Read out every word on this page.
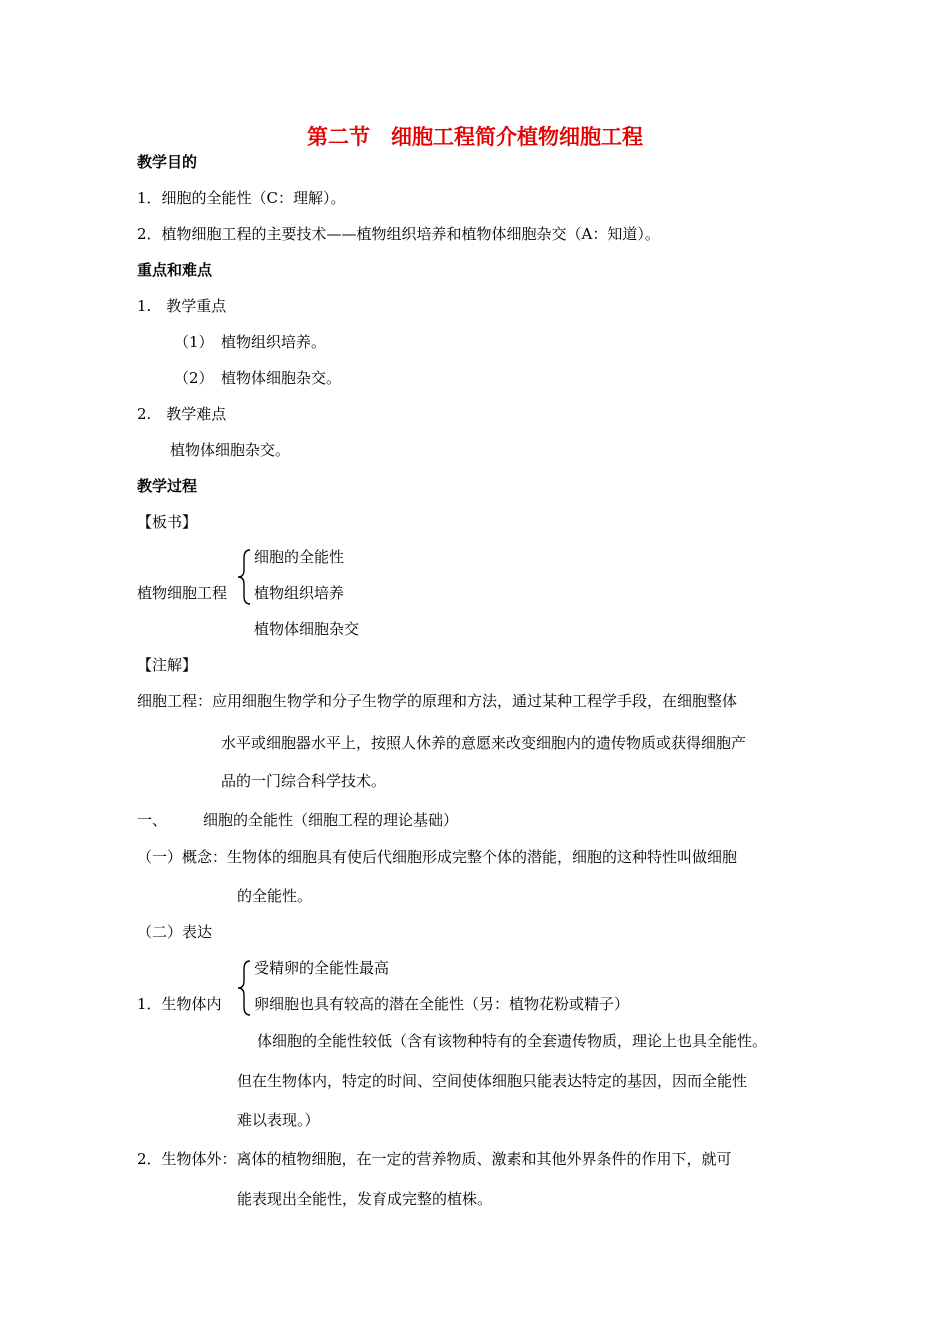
第二节　细胞工程简介植物细胞工程
教学目的
1．细胞的全能性（C：理解）。
2．植物细胞工程的主要技术——植物组织培养和植物体细胞杂交（A：知道）。
重点和难点
1.　教学重点
（1）　植物组织培养。
（2）　植物体细胞杂交。
2.　教学难点
植物体细胞杂交。
教学过程
【板书】
植物细胞工程
细胞的全能性
植物组织培养
植物体细胞杂交
【注解】
细胞工程：应用细胞生物学和分子生物学的原理和方法，通过某种工程学手段，在细胞整体
水平或细胞器水平上，按照人休养的意愿来改变细胞内的遗传物质或获得细胞产
品的一门综合科学技术。
一、 细胞的全能性（细胞工程的理论基础）
（一）概念：生物体的细胞具有使后代细胞形成完整个体的潜能，细胞的这种特性叫做细胞
的全能性。
（二）表达
1．生物体内
受精卵的全能性最高
卵细胞也具有较高的潜在全能性（另：植物花粉或精子）
体细胞的全能性较低（含有该物种特有的全套遗传物质，理论上也具全能性。
但在生物体内，特定的时间、空间使体细胞只能表达特定的基因，因而全能性
难以表现。）
2．生物体外：离体的植物细胞，在一定的营养物质、激素和其他外界条件的作用下，就可
能表现出全能性，发育成完整的植株。
